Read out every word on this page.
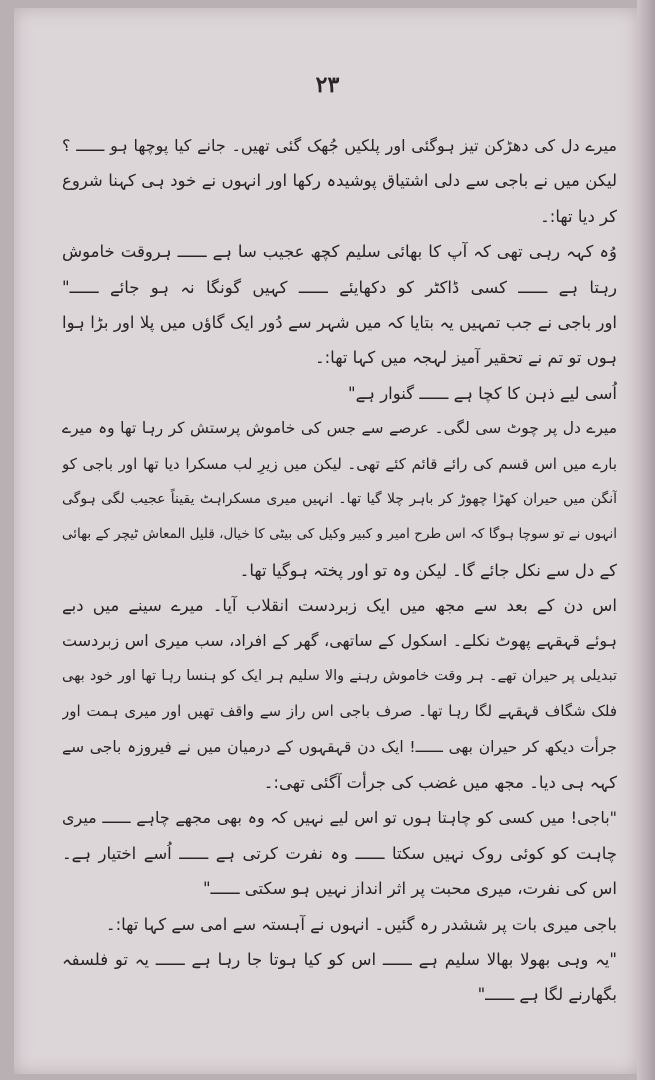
۲۳
میرے دل کی دھڑکن تیز ہوگئی اور پلکیں جُھک گئی تھیں۔ جانے کیا پوچھا ہو ــــــ ؟
لیکن میں نے باجی سے دلی اشتیاق پوشیدہ رکھا اور انہوں نے خود ہی کہنا شروع
کر دیا تھا:۔
وُہ کہہ رہی تھی کہ آپ کا بھائی سلیم کچھ عجیب سا ہے ــــــ ہروقت خاموش
رہتا ہے ــــــ کسی ڈاکٹر کو دکھایئے ــــــ کہیں گونگا نہ ہو جائے ــــــ"
اور باجی نے جب تمہیں یہ بتایا کہ میں شہر سے دُور ایک گاؤں میں پلا اور بڑا ہوا
ہوں تو تم نے تحقیر آمیز لہجہ میں کہا تھا:۔
اُسی لیے ذہن کا کچا ہے ــــــ گنوار ہے"
میرے دل پر چوٹ سی لگی۔ عرصے سے جس کی خاموش پرستش کر رہا تھا وہ میرے
بارے میں اس قسم کی رائے قائم کئے تھی۔ لیکن میں زیرِ لب مسکرا دیا تھا اور باجی کو
آنگن میں حیران کھڑا چھوڑ کر باہر چلا گیا تھا۔ انہیں میری مسکراہٹ یقیناً عجیب لگی ہوگی
انہوں نے تو سوچا ہوگا کہ اس طرح امیر و کبیر وکیل کی بیٹی کا خیال، قلیل المعاش ٹیچر کے بھائی
کے دل سے نکل جائے گا۔ لیکن وہ تو اور پختہ ہوگیا تھا۔
اس دن کے بعد سے مجھ میں ایک زبردست انقلاب آیا۔ میرے سینے میں دبے
ہوئے قہقہے پھوٹ نکلے۔ اسکول کے ساتھی، گھر کے افراد، سب میری اس زبردست
تبدیلی پر حیران تھے۔ ہر وقت خاموش رہنے والا سلیم ہر ایک کو ہنسا رہا تھا اور خود بھی
فلک شگاف قہقہے لگا رہا تھا۔ صرف باجی اس راز سے واقف تھیں اور میری ہمت اور
جرأت دیکھ کر حیران بھی ــــــ! ایک دن قہقہوں کے درمیان میں نے فیروزہ باجی سے
کہہ ہی دیا۔ مجھ میں غضب کی جرأت آگئی تھی:۔
"باجی! میں کسی کو چاہتا ہوں تو اس لیے نہیں کہ وہ بھی مجھے چاہے ــــــ میری
چاہت کو کوئی روک نہیں سکتا ــــــ وہ نفرت کرتی ہے ــــــ اُسے اختیار ہے۔
اس کی نفرت، میری محبت پر اثر انداز نہیں ہو سکتی ــــــ"
باجی میری بات پر ششدر رہ گئیں۔ انہوں نے آہستہ سے امی سے کہا تھا:۔
"یہ وہی بھولا بھالا سلیم ہے ــــــ اس کو کیا ہوتا جا رہا ہے ــــــ یہ تو فلسفہ
بگھارنے لگا ہے ــــــ"
